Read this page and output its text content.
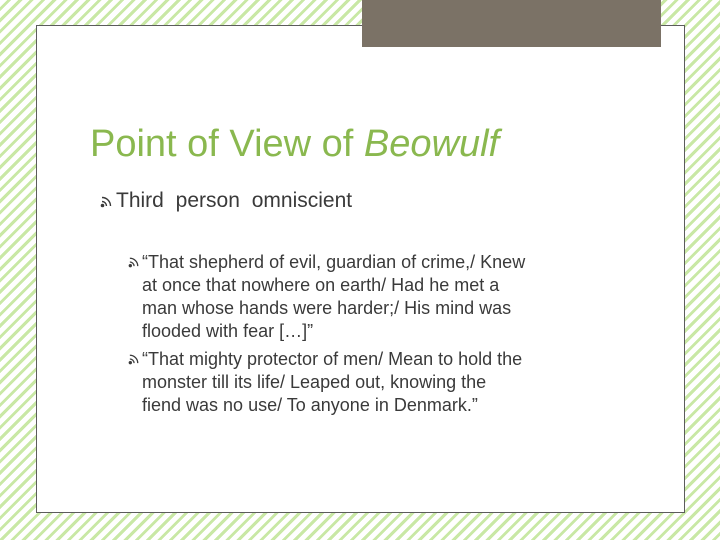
Point of View of Beowulf
Third person omniscient
“That shepherd of evil, guardian of crime,/ Knew
at once that nowhere on earth/ Had he met a
man whose hands were harder;/ His mind was
flooded with fear […]”
“That mighty protector of men/ Mean to hold the
monster till its life/ Leaped out, knowing the
fiend was no use/ To anyone in Denmark.”
